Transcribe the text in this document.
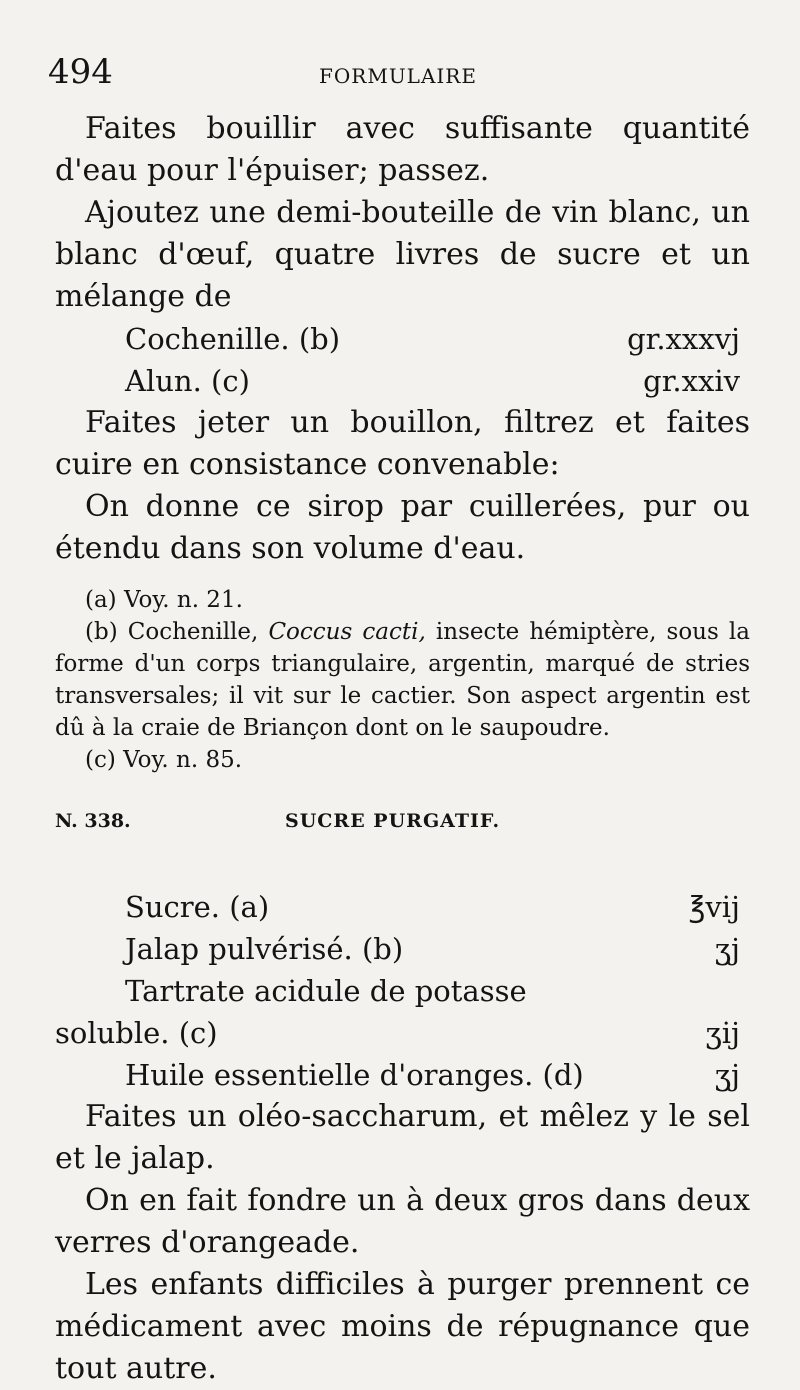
494	FORMULAIRE

Faites bouillir avec suffisante quantité d'eau pour l'épuiser; passez.

Ajoutez une demi-bouteille de vin blanc, un blanc d'œuf, quatre livres de sucre et un mélange de

Cochenille. (b)	gr.xxxvj
Alun. (c)	gr.xxiv

Faites jeter un bouillon, filtrez et faites cuire en consistance convenable:

On donne ce sirop par cuillerées, pur ou étendu dans son volume d'eau.

(a) Voy. n. 21.

(b) Cochenille, Coccus cacti, insecte hémiptère, sous la forme d'un corps triangulaire, argentin, marqué de stries transversales; il vit sur le cactier. Son aspect argentin est dû à la craie de Briançon dont on le saupoudre.

(c) Voy. n. 85.

N. 338.	SUCRE PURGATIF.
Sucre. (a)	℥vij
Jalap pulvérisé. (b)	ʒj
Tartrate acidule de potasse
soluble. (c)	ʒij
Huile essentielle d'oranges. (d)	ʒj

Faites un oléo-saccharum, et mêlez y le sel et le jalap.

On en fait fondre un à deux gros dans deux verres d'orangeade.

Les enfants difficiles à purger prennent ce médicament avec moins de répugnance que tout autre.
